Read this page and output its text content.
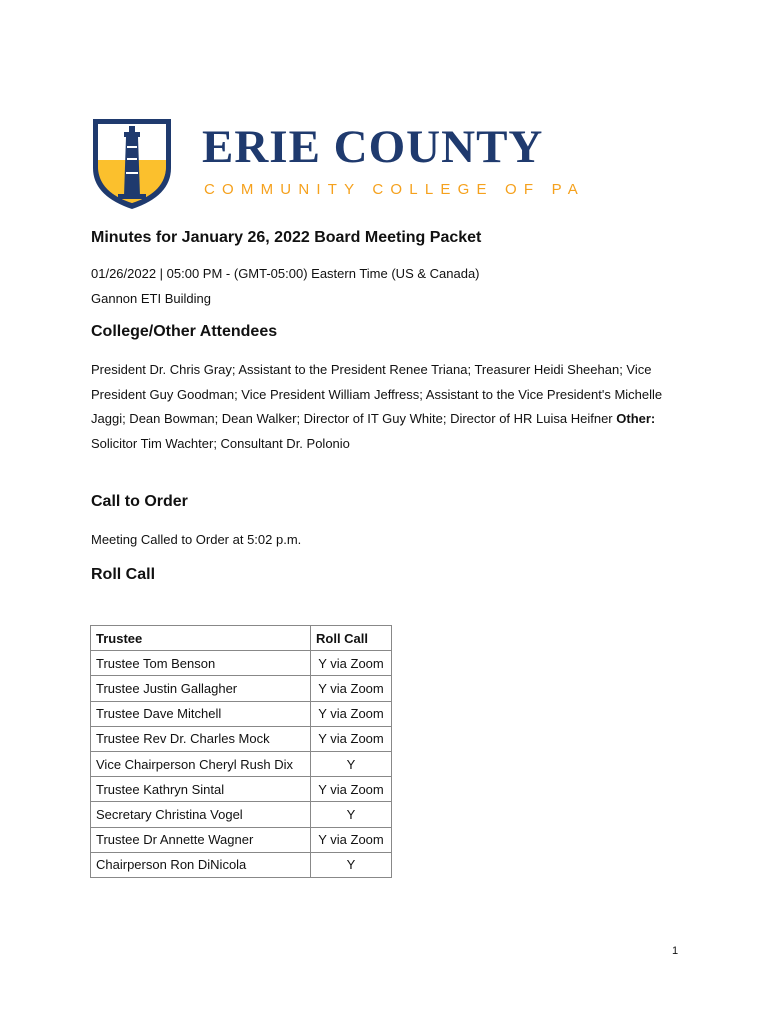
ERIE COUNTY
COMMUNITY COLLEGE OF PA
Minutes for January 26, 2022 Board Meeting Packet
01/26/2022 | 05:00 PM - (GMT-05:00) Eastern Time (US & Canada)
Gannon ETI Building
College/Other Attendees
President Dr. Chris Gray; Assistant to the President Renee Triana; Treasurer Heidi Sheehan; Vice President Guy Goodman; Vice President William Jeffress; Assistant to the Vice President's Michelle Jaggi; Dean Bowman; Dean Walker; Director of IT Guy White; Director of HR Luisa Heifner Other: Solicitor Tim Wachter; Consultant Dr. Polonio
Call to Order
Meeting Called to Order at 5:02 p.m.
Roll Call
Trustee	Roll Call
Trustee Tom Benson	Y via Zoom
Trustee Justin Gallagher	Y via Zoom
Trustee Dave Mitchell	Y via Zoom
Trustee Rev Dr. Charles Mock	Y via Zoom
Vice Chairperson Cheryl Rush Dix	Y
Trustee Kathryn Sintal	Y via Zoom
Secretary Christina Vogel	Y
Trustee Dr Annette Wagner	Y via Zoom
Chairperson Ron DiNicola	Y
1
